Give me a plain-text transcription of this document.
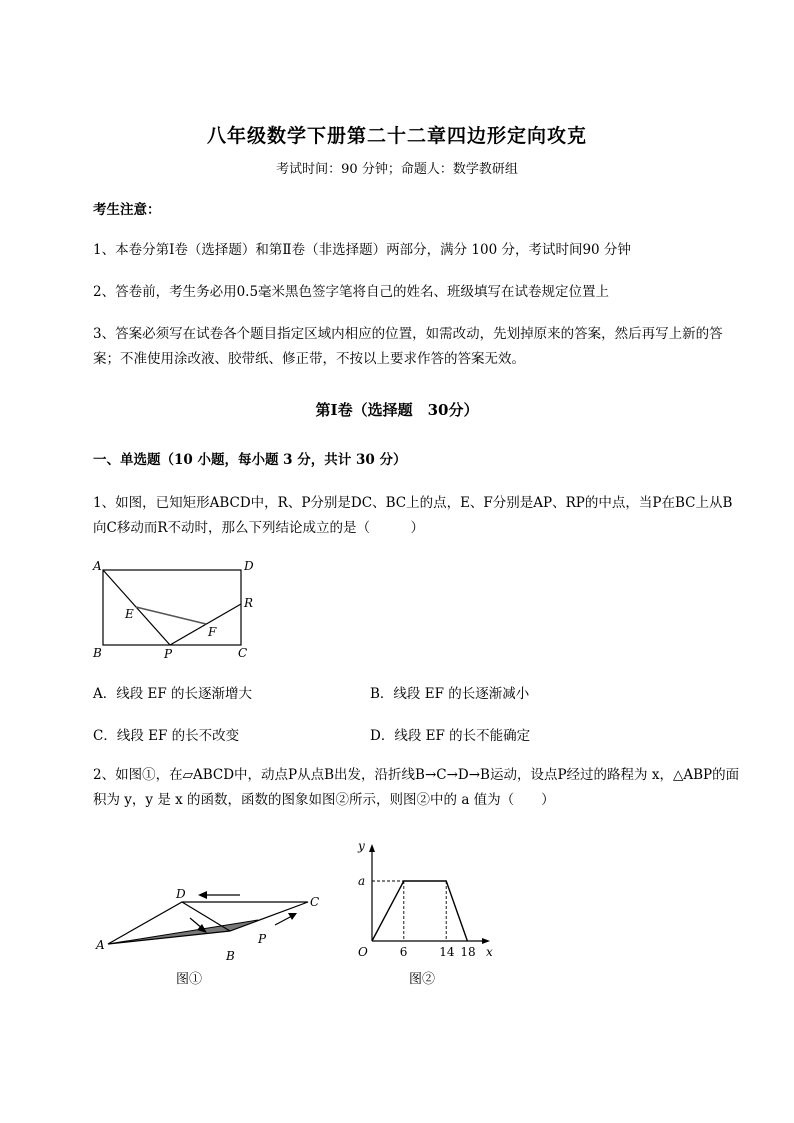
八年级数学下册第二十二章四边形定向攻克
考试时间：90 分钟；命题人：数学教研组
考生注意：
1、本卷分第Ⅰ卷（选择题）和第Ⅱ卷（非选择题）两部分，满分 100 分，考试时间90 分钟
2、答卷前，考生务必用0.5毫米黑色签字笔将自己的姓名、班级填写在试卷规定位置上
3、答案必须写在试卷各个题目指定区域内相应的位置，如需改动，先划掉原来的答案，然后再写上新的答案；不准使用涂改液、胶带纸、修正带，不按以上要求作答的答案无效。
第Ⅰ卷（选择题　30分）
一、单选题（10 小题，每小题 3 分，共计 30 分）
1、如图，已知矩形ABCD中，R、P分别是DC、BC上的点，E、F分别是AP、RP的中点，当P在BC上从B向C移动而R不动时，那么下列结论成立的是（　　　）
A	D
B	C
P
R
E
F
A．线段 EF 的长逐渐增大	B．线段 EF 的长逐渐减小
C．线段 EF 的长不改变	D．线段 EF 的长不能确定
2、如图①，在▱ABCD中，动点P从点B出发，沿折线B→C→D→B运动，设点P经过的路程为 x，△ABP的面积为 y，y 是 x 的函数，函数的图象如图②所示，则图②中的 a 值为（　　）
A
D
C
B
P
图①
x
y
O
a
6	14 18
图②
